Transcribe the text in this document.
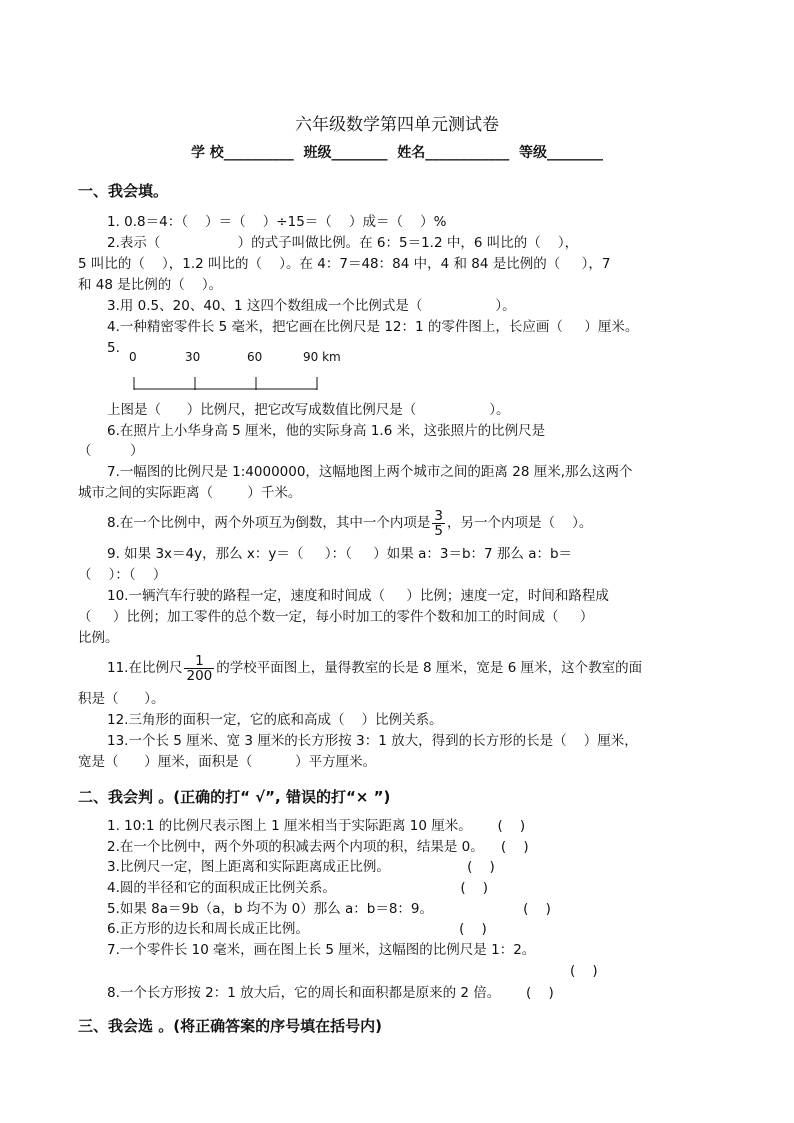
六年级数学第四单元测试卷
学 校__________  班级________  姓名____________  等级________
一、我会填。
1. 0.8＝4：（    ）＝（    ）÷15＝（    ）成＝（    ）%
2.表示（                  ）的式子叫做比例。在 6：5＝1.2 中，6 叫比的（    ），
5 叫比的（    ），1.2 叫比的（    ）。在 4：7＝48：84 中，4 和 84 是比例的（     ），7
和 48 是比例的（    ）。
3.用 0.5、20、40、1 这四个数组成一个比例式是（                 ）。
4.一种精密零件长 5 毫米，把它画在比例尺是 12：1 的零件图上，长应画（     ）厘米。
5.
0	30	60	90 km
上图是（      ）比例尺，把它改写成数值比例尺是（                 ）。
6.在照片上小华身高 5 厘米，他的实际身高 1.6 米，这张照片的比例尺是
（         ）
7.一幅图的比例尺是 1:4000000，这幅地图上两个城市之间的距离 28 厘米,那么这两个
城市之间的实际距离（        ）千米。
8.在一个比例中，两个外项互为倒数，其中一个内项是 $\frac{3}{5}$ ，另一个内项是（    ）。
9. 如果 3x＝4y，那么 x：y＝（     ）：（     ）如果 a：3＝b：7 那么 a：b＝
（    ）：（    ）
10.一辆汽车行驶的路程一定，速度和时间成（     ）比例；速度一定，时间和路程成
（     ）比例；加工零件的总个数一定，每小时加工的零件个数和加工的时间成（     ）
比例。
11.在比例尺 $\frac{1}{200}$ 的学校平面图上，量得教室的长是 8 厘米，宽是 6 厘米，这个教室的面
积是（      ）。
12.三角形的面积一定，它的底和高成（    ）比例关系。
13.一个长 5 厘米、宽 3 厘米的长方形按 3：1 放大，得到的长方形的长是（    ）厘米，
宽是（      ）厘米，面积是（          ）平方厘米。
二、我会判 。(正确的打“ √”, 错误的打“× ”)
1. 10:1 的比例尺表示图上 1 厘米相当于实际距离 10 厘米。      (    )
2.在一个比例中，两个外项的积减去两个内项的积，结果是 0。    (    )
3.比例尺一定，图上距离和实际距离成正比例。                  (    )
4.圆的半径和它的面积成正比例关系。                             (    )
5.如果 8a＝9b（a，b 均不为 0）那么 a：b＝8：9。                     (    )
6.正方形的边长和周长成正比例。                                   (    )
7.一个零件长 10 毫米，画在图上长 5 厘米，这幅图的比例尺是 1：2。
(    )
8.一个长方形按 2：1 放大后，它的周长和面积都是原来的 2 倍。      (    )
三、我会选 。(将正确答案的序号填在括号内)
